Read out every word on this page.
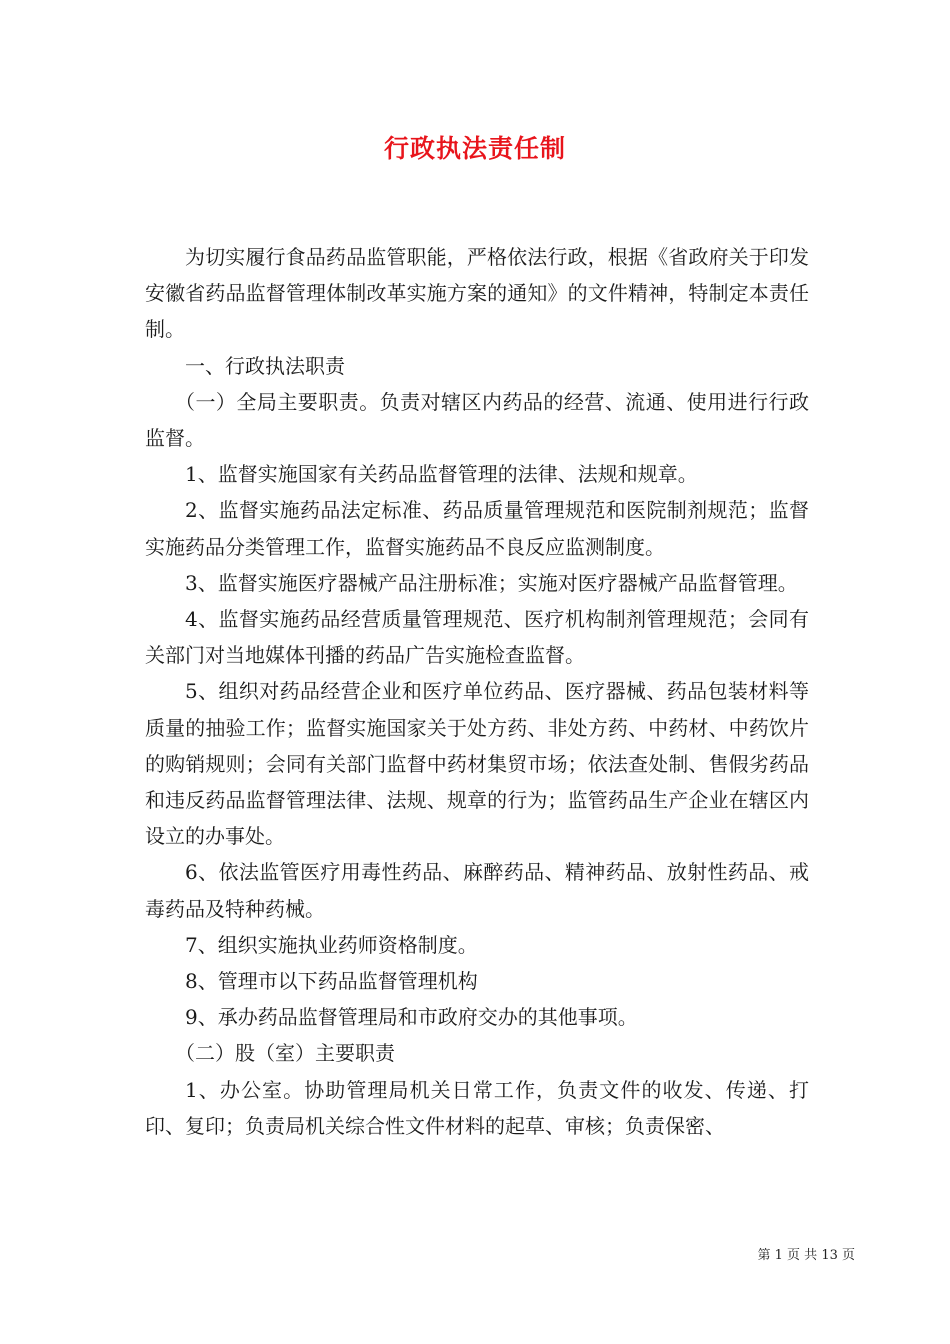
行政执法责任制

为切实履行食品药品监管职能，严格依法行政，根据《省政府关于印发安徽省药品监督管理体制改革实施方案的通知》的文件精神，特制定本责任制。

一、行政执法职责

（一）全局主要职责。负责对辖区内药品的经营、流通、使用进行行政监督。

1、监督实施国家有关药品监督管理的法律、法规和规章。

2、监督实施药品法定标准、药品质量管理规范和医院制剂规范；监督实施药品分类管理工作，监督实施药品不良反应监测制度。

3、监督实施医疗器械产品注册标准；实施对医疗器械产品监督管理。

4、监督实施药品经营质量管理规范、医疗机构制剂管理规范；会同有关部门对当地媒体刊播的药品广告实施检查监督。

5、组织对药品经营企业和医疗单位药品、医疗器械、药品包装材料等质量的抽验工作；监督实施国家关于处方药、非处方药、中药材、中药饮片的购销规则；会同有关部门监督中药材集贸市场；依法查处制、售假劣药品和违反药品监督管理法律、法规、规章的行为；监管药品生产企业在辖区内设立的办事处。

6、依法监管医疗用毒性药品、麻醉药品、精神药品、放射性药品、戒毒药品及特种药械。

7、组织实施执业药师资格制度。

8、管理市以下药品监督管理机构

9、承办药品监督管理局和市政府交办的其他事项。

（二）股（室）主要职责

1、办公室。协助管理局机关日常工作，负责文件的收发、传递、打印、复印；负责局机关综合性文件材料的起草、审核；负责保密、

第 1 页 共 13 页
